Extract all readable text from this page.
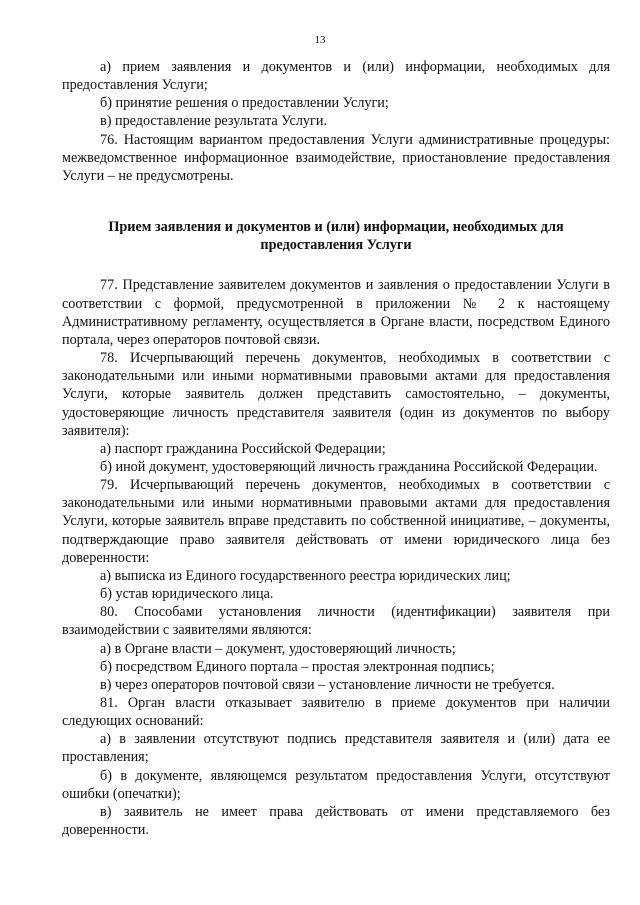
13

а) прием заявления и документов и (или) информации, необходимых для предоставления Услуги;

б) принятие решения о предоставлении Услуги;

в) предоставление результата Услуги.

76. Настоящим вариантом предоставления Услуги административные процедуры: межведомственное информационное взаимодействие, приостановление предоставления Услуги – не предусмотрены.

Прием заявления и документов и (или) информации, необходимых для предоставления Услуги

77. Представление заявителем документов и заявления о предоставлении Услуги в соответствии с формой, предусмотренной в приложении № 2 к настоящему Административному регламенту, осуществляется в Органе власти, посредством Единого портала, через операторов почтовой связи.

78. Исчерпывающий перечень документов, необходимых в соответствии с законодательными или иными нормативными правовыми актами для предоставления Услуги, которые заявитель должен представить самостоятельно, – документы, удостоверяющие личность представителя заявителя (один из документов по выбору заявителя):

а) паспорт гражданина Российской Федерации;

б) иной документ, удостоверяющий личность гражданина Российской Федерации.

79. Исчерпывающий перечень документов, необходимых в соответствии с законодательными или иными нормативными правовыми актами для предоставления Услуги, которые заявитель вправе представить по собственной инициативе, – документы, подтверждающие право заявителя действовать от имени юридического лица без доверенности:

а) выписка из Единого государственного реестра юридических лиц;

б) устав юридического лица.

80. Способами установления личности (идентификации) заявителя при взаимодействии с заявителями являются:

а) в Органе власти – документ, удостоверяющий личность;

б) посредством Единого портала – простая электронная подпись;

в) через операторов почтовой связи – установление личности не требуется.

81. Орган власти отказывает заявителю в приеме документов при наличии следующих оснований:

а) в заявлении отсутствуют подпись представителя заявителя и (или) дата ее проставления;

б) в документе, являющемся результатом предоставления Услуги, отсутствуют ошибки (опечатки);

в) заявитель не имеет права действовать от имени представляемого без доверенности.
